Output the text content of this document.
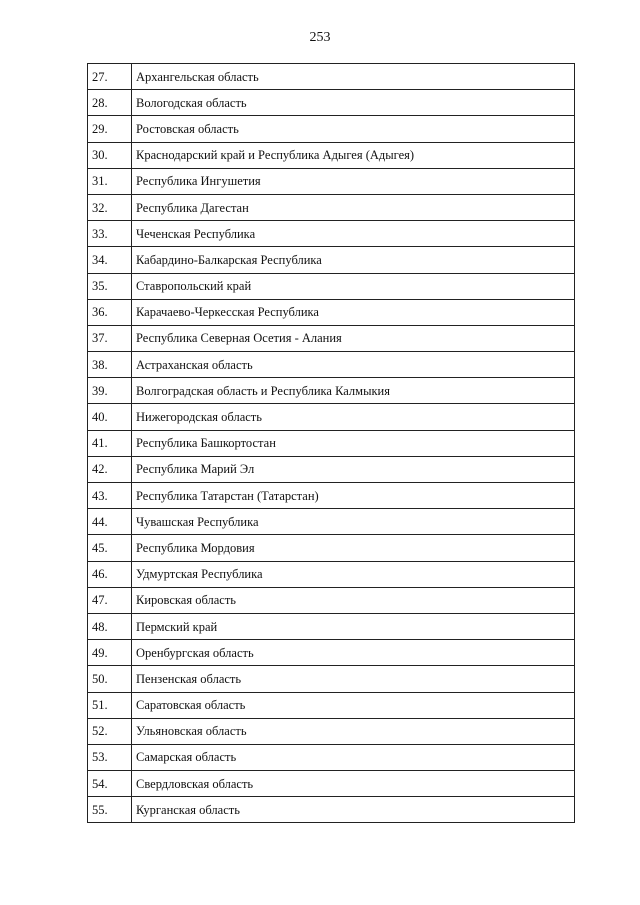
253
27.	Архангельская область
28.	Вологодская область
29.	Ростовская область
30.	Краснодарский край и Республика Адыгея (Адыгея)
31.	Республика Ингушетия
32.	Республика Дагестан
33.	Чеченская Республика
34.	Кабардино-Балкарская Республика
35.	Ставропольский край
36.	Карачаево-Черкесская Республика
37.	Республика Северная Осетия - Алания
38.	Астраханская область
39.	Волгоградская область и Республика Калмыкия
40.	Нижегородская область
41.	Республика Башкортостан
42.	Республика Марий Эл
43.	Республика Татарстан (Татарстан)
44.	Чувашская Республика
45.	Республика Мордовия
46.	Удмуртская Республика
47.	Кировская область
48.	Пермский край
49.	Оренбургская область
50.	Пензенская область
51.	Саратовская область
52.	Ульяновская область
53.	Самарская область
54.	Свердловская область
55.	Курганская область
